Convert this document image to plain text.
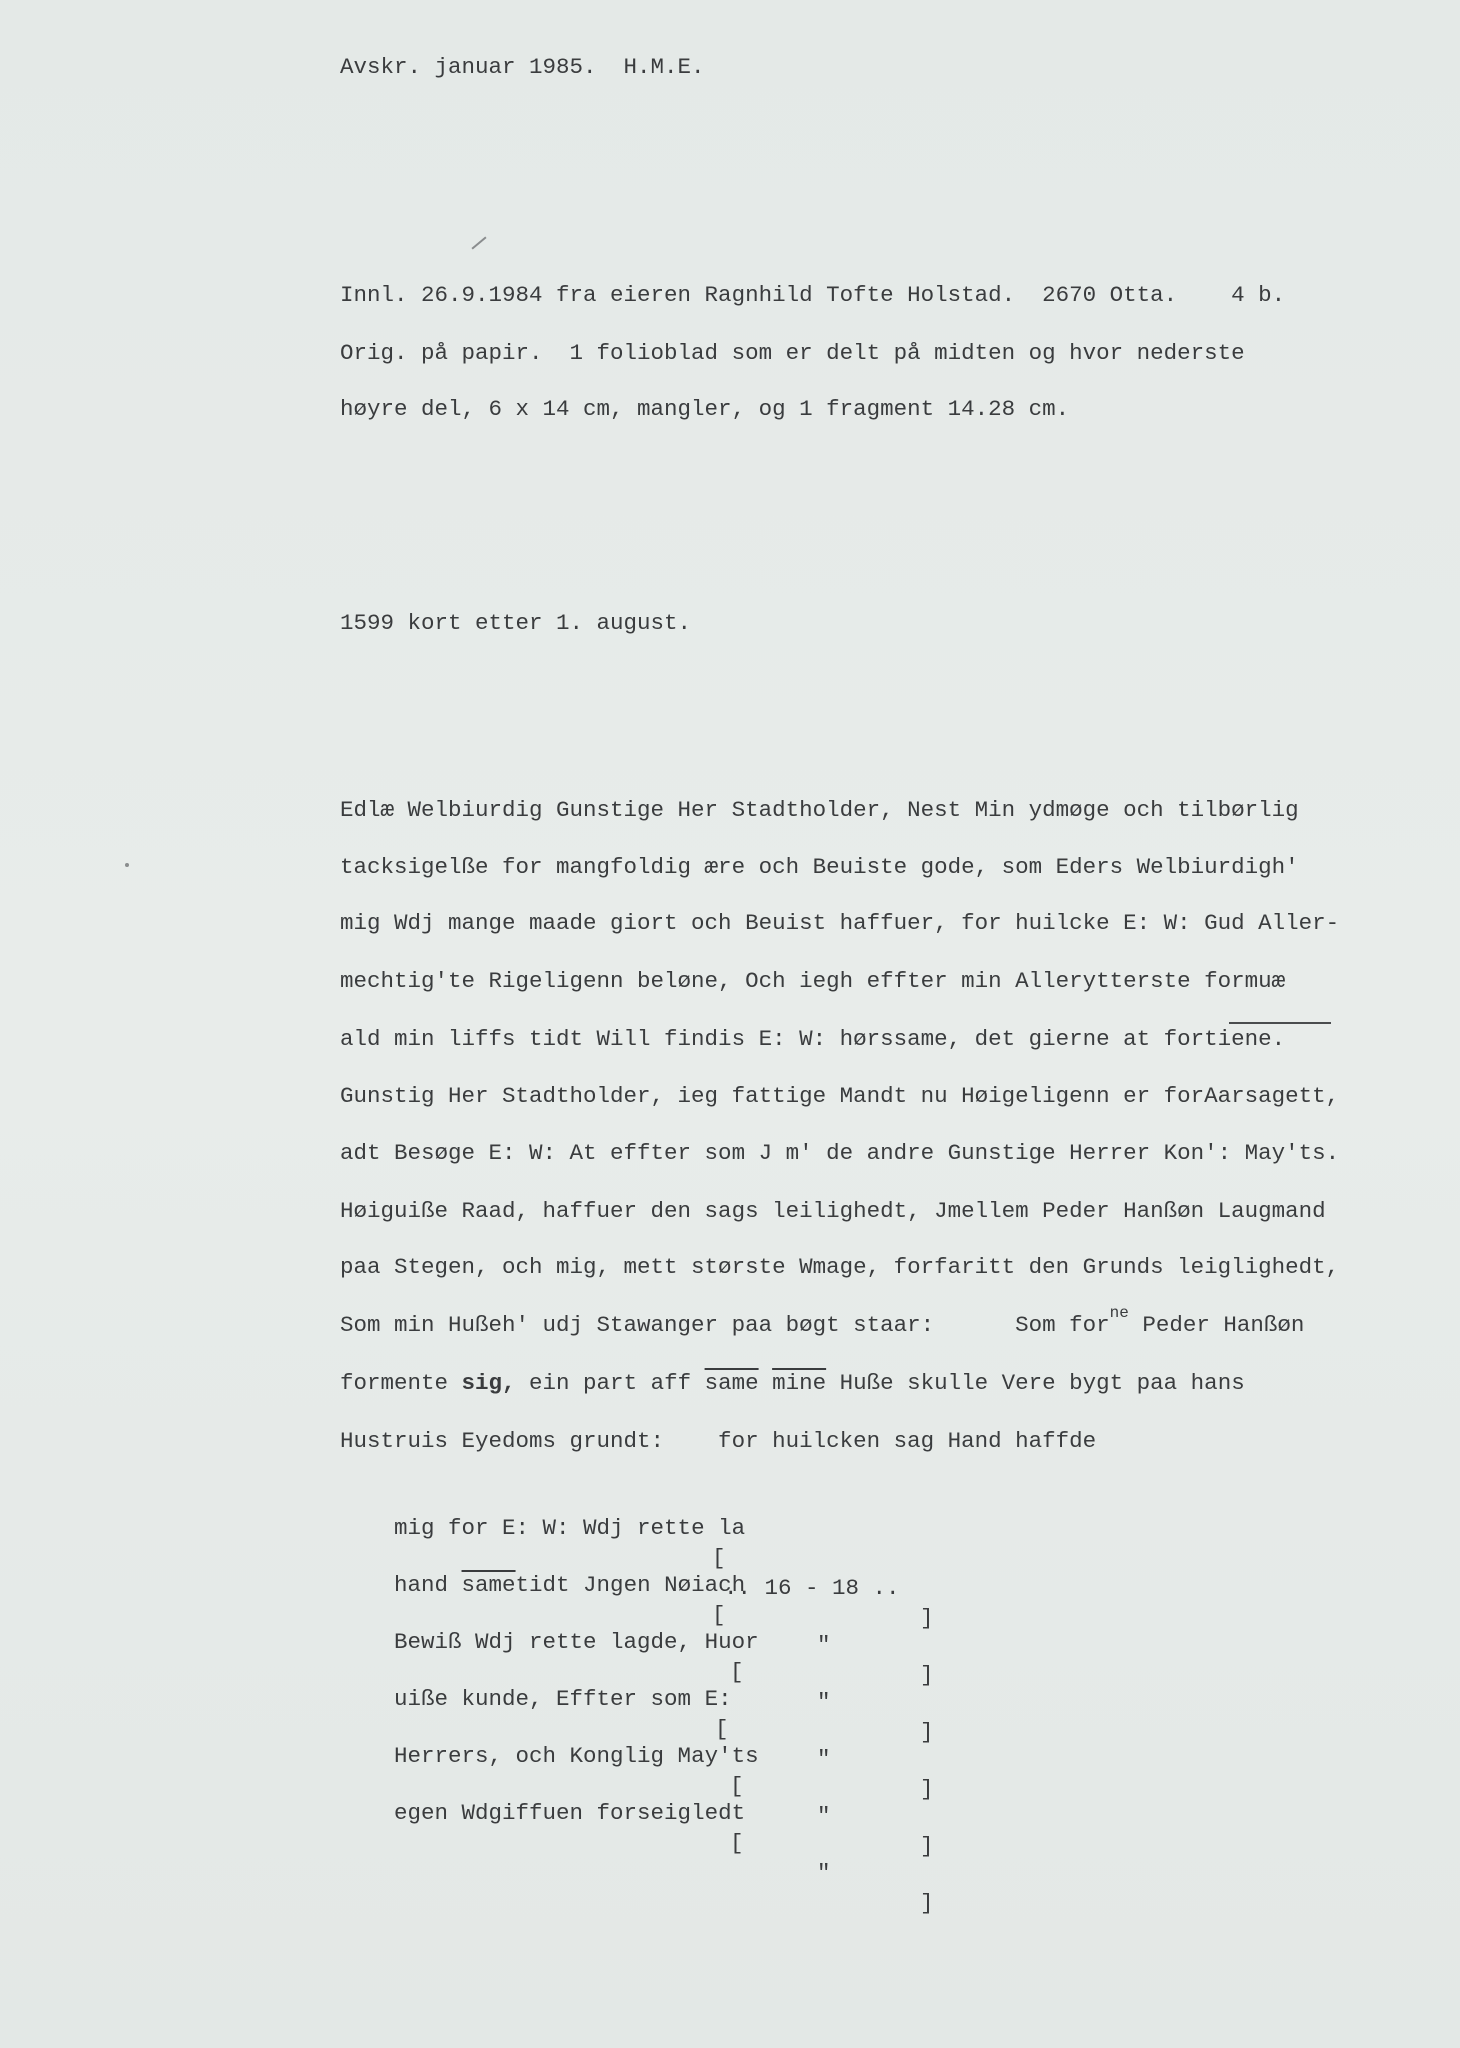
Avskr. januar 1985.  H.M.E.
Innl. 26.9.1984 fra eieren Ragnhild Tofte Holstad.  2670 Otta.    4 b.
Orig. på papir.  1 folioblad som er delt på midten og hvor nederste
høyre del, 6 x 14 cm, mangler, og 1 fragment 14.28 cm.
1599 kort etter 1. august.
Edlæ Welbiurdig Gunstige Her Stadtholder, Nest Min ydmøge och tilbørlig
tacksigelße for mangfoldig ære och Beuiste gode, som Eders Welbiurdigh'
mig Wdj mange maade giort och Beuist haffuer, for huilcke E: W: Gud Aller-
mechtig'te Rigeligenn beløne, Och iegh effter min Allerytterste formuæ
ald min liffs tidt Will findis E: W: hørssame, det gierne at fortiene.
Gunstig Her Stadtholder, ieg fattige Mandt nu Høigeligenn er forAarsagett,
adt Besøge E: W: At effter som J m' de andre Gunstige Herrer Kon': May'ts.
Høiguiße Raad, haffuer den sags leilighedt, Jmellem Peder Hanßøn Laugmand
paa Stegen, och mig, mett største Wmage, forfaritt den Grunds leiglighedt,
Som min Hußeh' udj Stawanger paa bøgt staar:      Som for$^{ne}$ Peder Hanßøn
formente sig, ein part aff same mine Huße skulle Vere bygt paa hans
Hustruis Eyedoms grundt:    for huilcken sag Hand haffde

mig for E: W: Wdj rette la

[

.. 16 - 18 ..

]

hand sametidt Jngen Nøiach

[

"

]

Bewiß Wdj rette lagde, Huor

[

"

]

uiße kunde, Effter som E:

[

"

]

Herrers, och Konglig May'ts

[

"

]

egen Wdgiffuen forseigledt

[

"

]
